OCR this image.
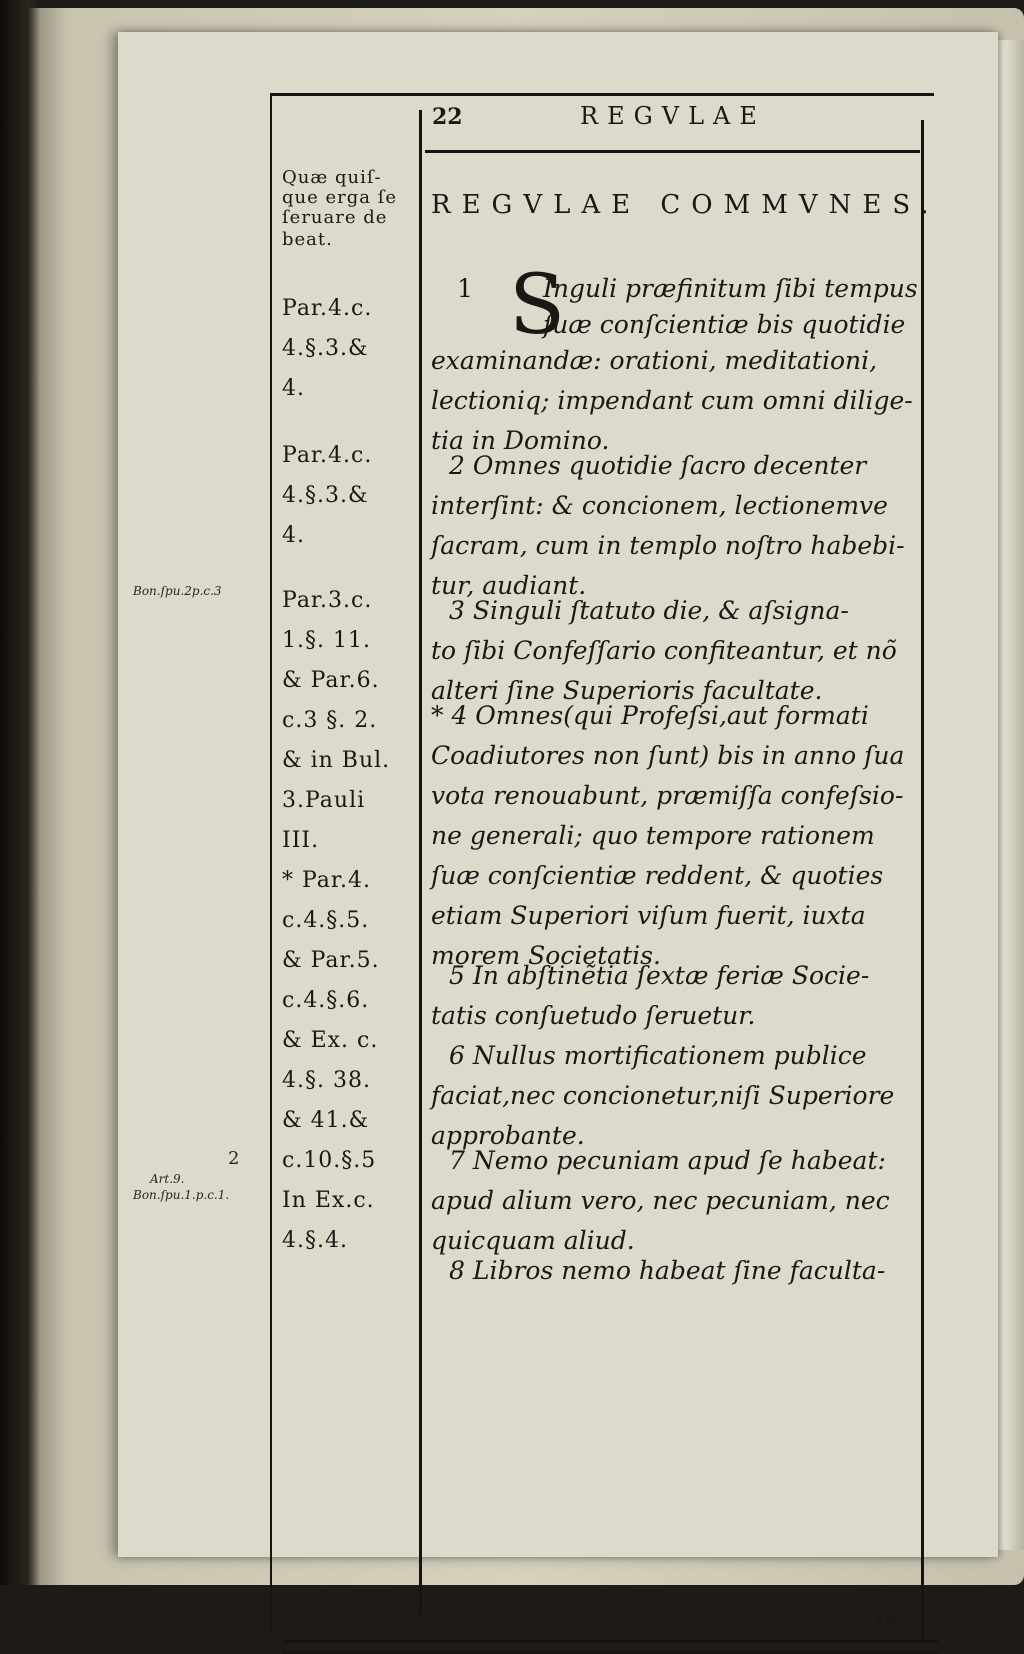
22	REGVLAE
REGVLAE COMMVNES.
Quæ quiſ-
que erga ſe
ſeruare de
beat.
Par.4.c.
4.§.3.&
4.
Par.4.c.
4.§.3.&
4.
Par.3.c.
1.§. 11.
& Par.6.
c.3 §. 2.
& in Bul.
3.Pauli
III.
* Par.4.
c.4.§.5.
& Par.5.
c.4.§.6.
& Ex. c.
4.§. 38.
& 41.&
c.10.§.5
In Ex.c.
4.§.4.
S
1	Inguli præfinitum ſibi tempus
ſuæ conſcientiæ bis quotidie
examinandæ: orationi, meditationi,
lectioniq; impendant cum omni dilige-
tia in Domino.
2 Omnes quotidie ſacro decenter
interſint: & concionem, lectionemve
ſacram, cum in templo noſtro habebi-
tur, audiant.
3 Singuli ſtatuto die, & aſsigna-
to ſibi Confeſſario confiteantur, et nõ
alteri ſine Superioris facultate.
* 4 Omnes(qui Profeſsi,aut formati
Coadiutores non ſunt) bis in anno ſua
vota renouabunt, præmiſſa confeſsio-
ne generali; quo tempore rationem
ſuæ conſcientiæ reddent, & quoties
etiam Superiori viſum fuerit, iuxta
morem Societatis.
5 In abſtinẽtia ſextæ feriæ Socie-
tatis conſuetudo ſeruetur.
6 Nullus mortificationem publice
faciat,nec concionetur,niſi Superiore
approbante.
7 Nemo pecuniam apud ſe habeat:
apud alium vero, nec pecuniam, nec
quicquam aliud.
8 Libros nemo habeat ſine faculta-
te
Bon.ſpu.2p.c.3
2
Art.9.
Bon.ſpu.1.p.c.1.
